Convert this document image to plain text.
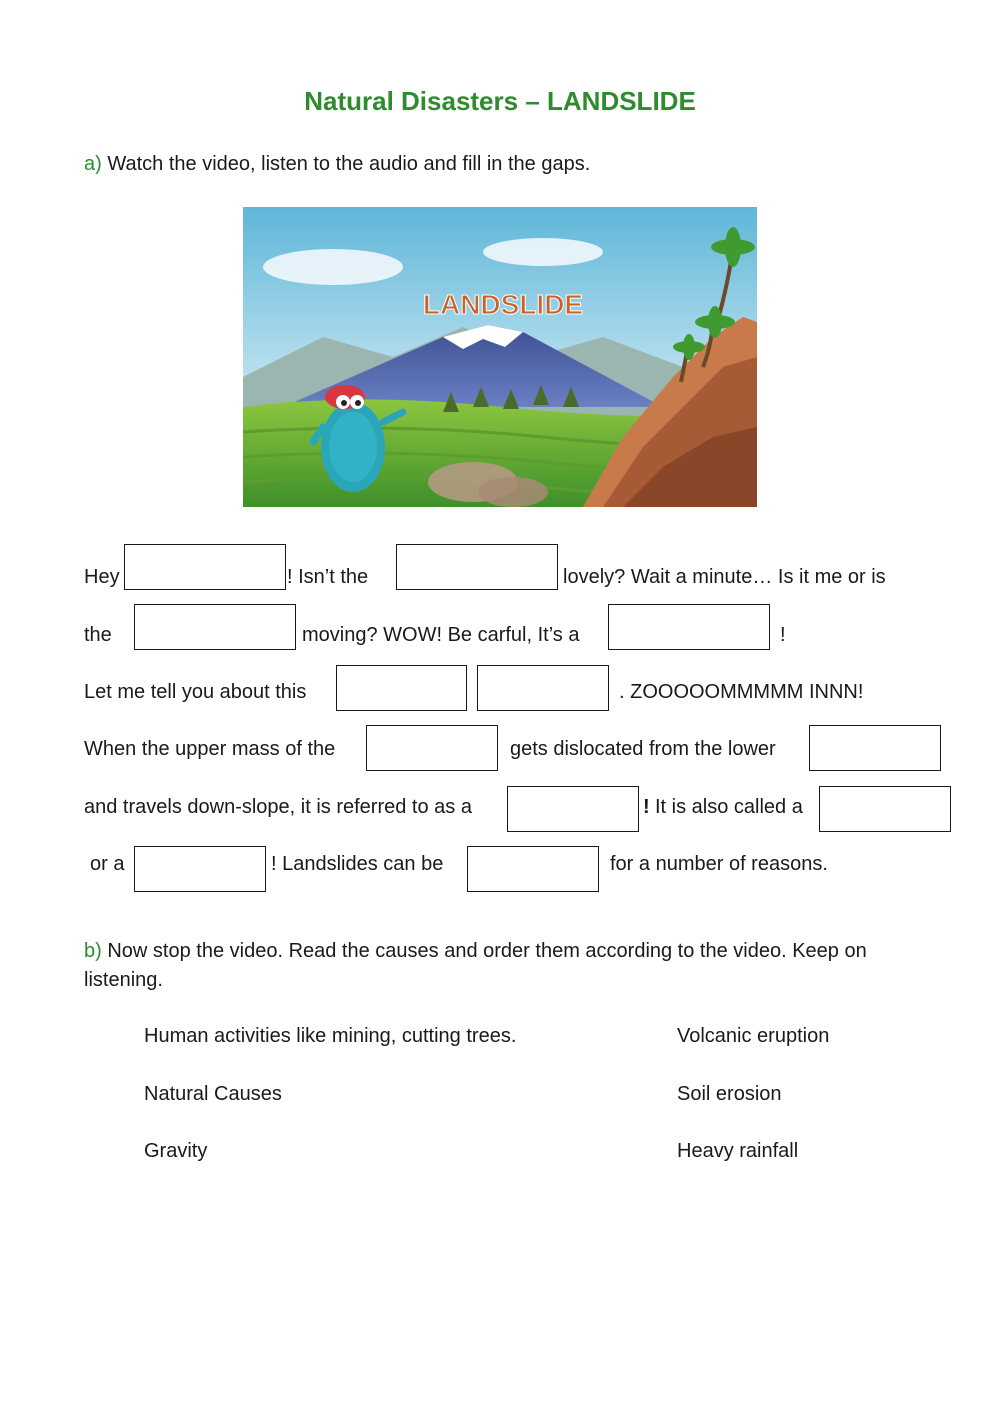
Natural Disasters – LANDSLIDE
a) Watch the video, listen to the audio and fill in the gaps.
LANDSLIDE
Hey	! Isn’t the	lovely? Wait a minute… Is it me or is
the	moving? WOW! Be carful, It’s a	!
Let me tell you about this	. ZOOOOOMMMMM INNN!
When the upper mass of the	gets dislocated from the lower
and travels down-slope, it is referred to as a	! It is also called a
or a	! Landslides can be	for a number of reasons.
b) Now stop the video. Read the causes and order them according to the video. Keep on listening.
Human activities like mining, cutting trees.
Natural Causes
Gravity
Volcanic eruption
Soil erosion
Heavy rainfall
